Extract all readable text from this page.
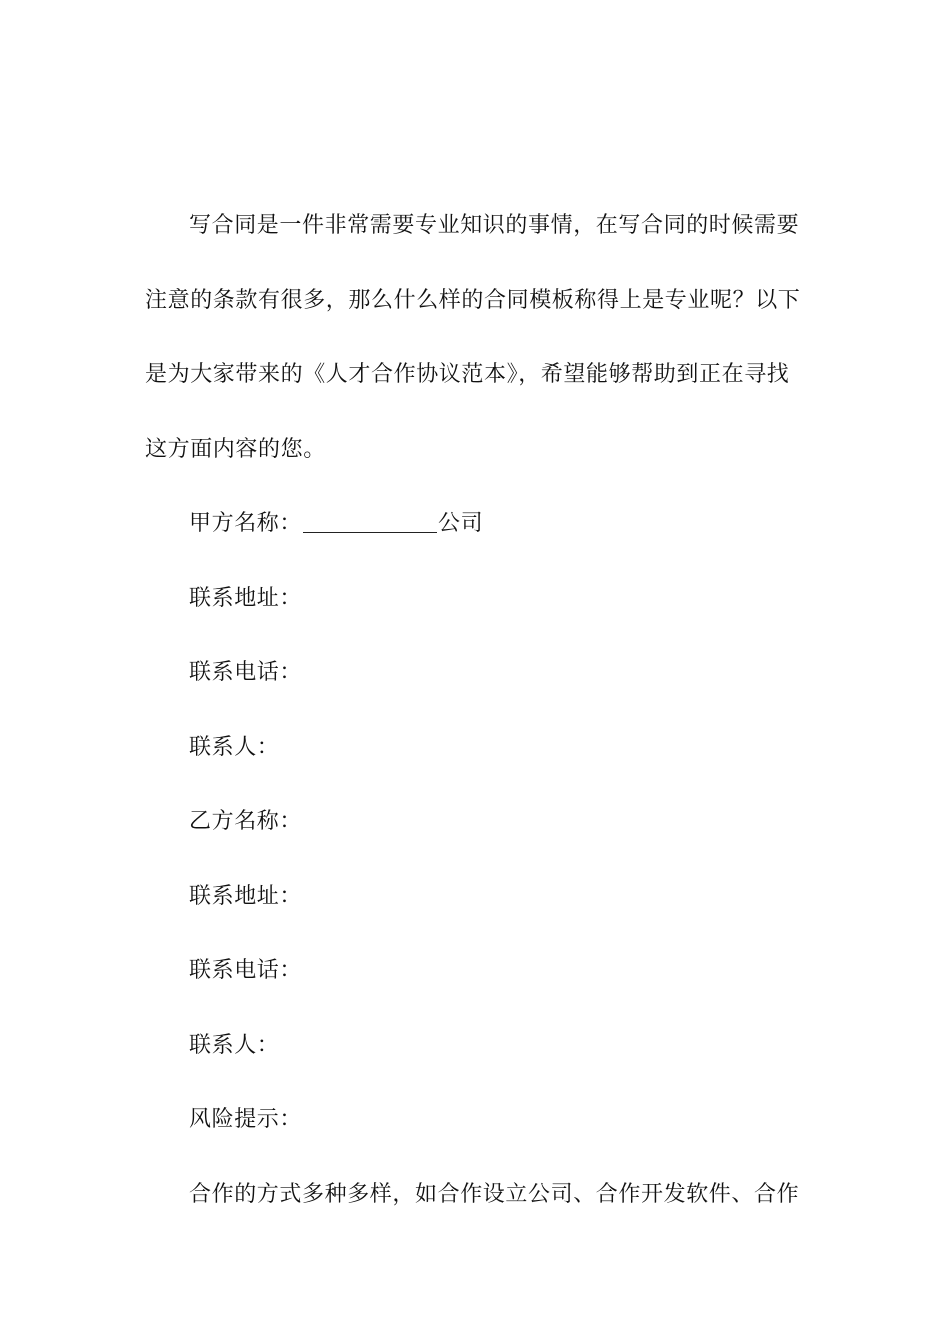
写合同是一件非常需要专业知识的事情，在写合同的时候需要
注意的条款有很多，那么什么样的合同模板称得上是专业呢？以下
是为大家带来的《人才合作协议范本》，希望能够帮助到正在寻找
这方面内容的您。

甲方名称：	公司

联系地址：

联系电话：

联系人：

乙方名称：

联系地址：

联系电话：

联系人：

风险提示：

合作的方式多种多样，如合作设立公司、合作开发软件、合作
